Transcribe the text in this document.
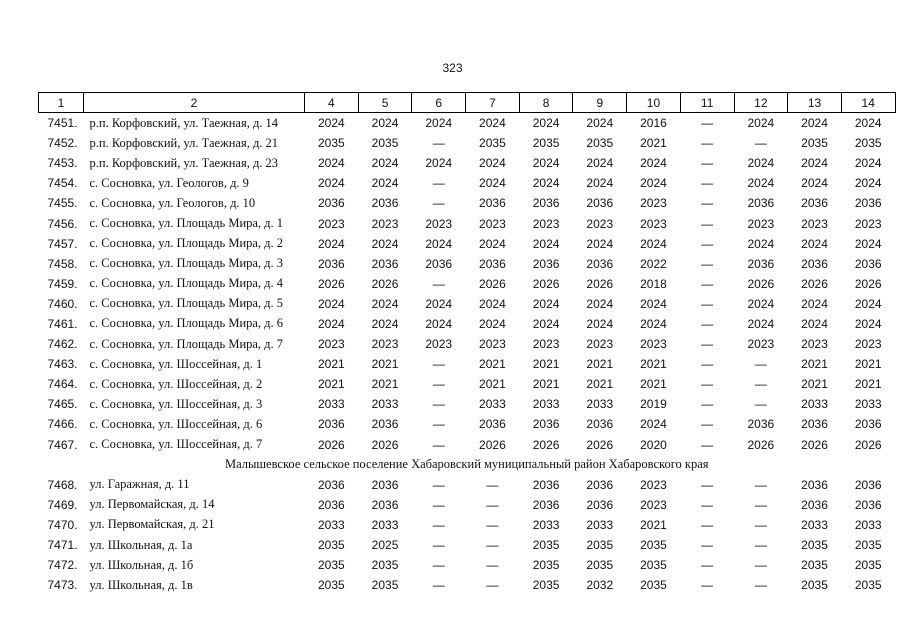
323
1	2	4	5	6	7	8	9	10	11	12	13	14
7451.	р.п. Корфовский, ул. Таежная, д. 14	2024	2024	2024	2024	2024	2024	2016	—	2024	2024	2024
7452.	р.п. Корфовский, ул. Таежная, д. 21	2035	2035	—	2035	2035	2035	2021	—	—	2035	2035
7453.	р.п. Корфовский, ул. Таежная, д. 23	2024	2024	2024	2024	2024	2024	2024	—	2024	2024	2024
7454.	с. Сосновка, ул. Геологов, д. 9	2024	2024	—	2024	2024	2024	2024	—	2024	2024	2024
7455.	с. Сосновка, ул. Геологов, д. 10	2036	2036	—	2036	2036	2036	2023	—	2036	2036	2036
7456.	с. Сосновка, ул. Площадь Мира, д. 1	2023	2023	2023	2023	2023	2023	2023	—	2023	2023	2023
7457.	с. Сосновка, ул. Площадь Мира, д. 2	2024	2024	2024	2024	2024	2024	2024	—	2024	2024	2024
7458.	с. Сосновка, ул. Площадь Мира, д. 3	2036	2036	2036	2036	2036	2036	2022	—	2036	2036	2036
7459.	с. Сосновка, ул. Площадь Мира, д. 4	2026	2026	—	2026	2026	2026	2018	—	2026	2026	2026
7460.	с. Сосновка, ул. Площадь Мира, д. 5	2024	2024	2024	2024	2024	2024	2024	—	2024	2024	2024
7461.	с. Сосновка, ул. Площадь Мира, д. 6	2024	2024	2024	2024	2024	2024	2024	—	2024	2024	2024
7462.	с. Сосновка, ул. Площадь Мира, д. 7	2023	2023	2023	2023	2023	2023	2023	—	2023	2023	2023
7463.	с. Сосновка, ул. Шоссейная, д. 1	2021	2021	—	2021	2021	2021	2021	—	—	2021	2021
7464.	с. Сосновка, ул. Шоссейная, д. 2	2021	2021	—	2021	2021	2021	2021	—	—	2021	2021
7465.	с. Сосновка, ул. Шоссейная, д. 3	2033	2033	—	2033	2033	2033	2019	—	—	2033	2033
7466.	с. Сосновка, ул. Шоссейная, д. 6	2036	2036	—	2036	2036	2036	2024	—	2036	2036	2036
7467.	с. Сосновка, ул. Шоссейная, д. 7	2026	2026	—	2026	2026	2026	2020	—	2026	2026	2026
Малышевское сельское поселение Хабаровский муниципальный район Хабаровского края												
7468.	ул. Гаражная, д. 11	2036	2036	—	—	2036	2036	2023	—	—	2036	2036
7469.	ул. Первомайская, д. 14	2036	2036	—	—	2036	2036	2023	—	—	2036	2036
7470.	ул. Первомайская, д. 21	2033	2033	—	—	2033	2033	2021	—	—	2033	2033
7471.	ул. Школьная, д. 1а	2035	2025	—	—	2035	2035	2035	—	—	2035	2035
7472.	ул. Школьная, д. 1б	2035	2035	—	—	2035	2035	2035	—	—	2035	2035
7473.	ул. Школьная, д. 1в	2035	2035	—	—	2035	2032	2035	—	—	2035	2035
